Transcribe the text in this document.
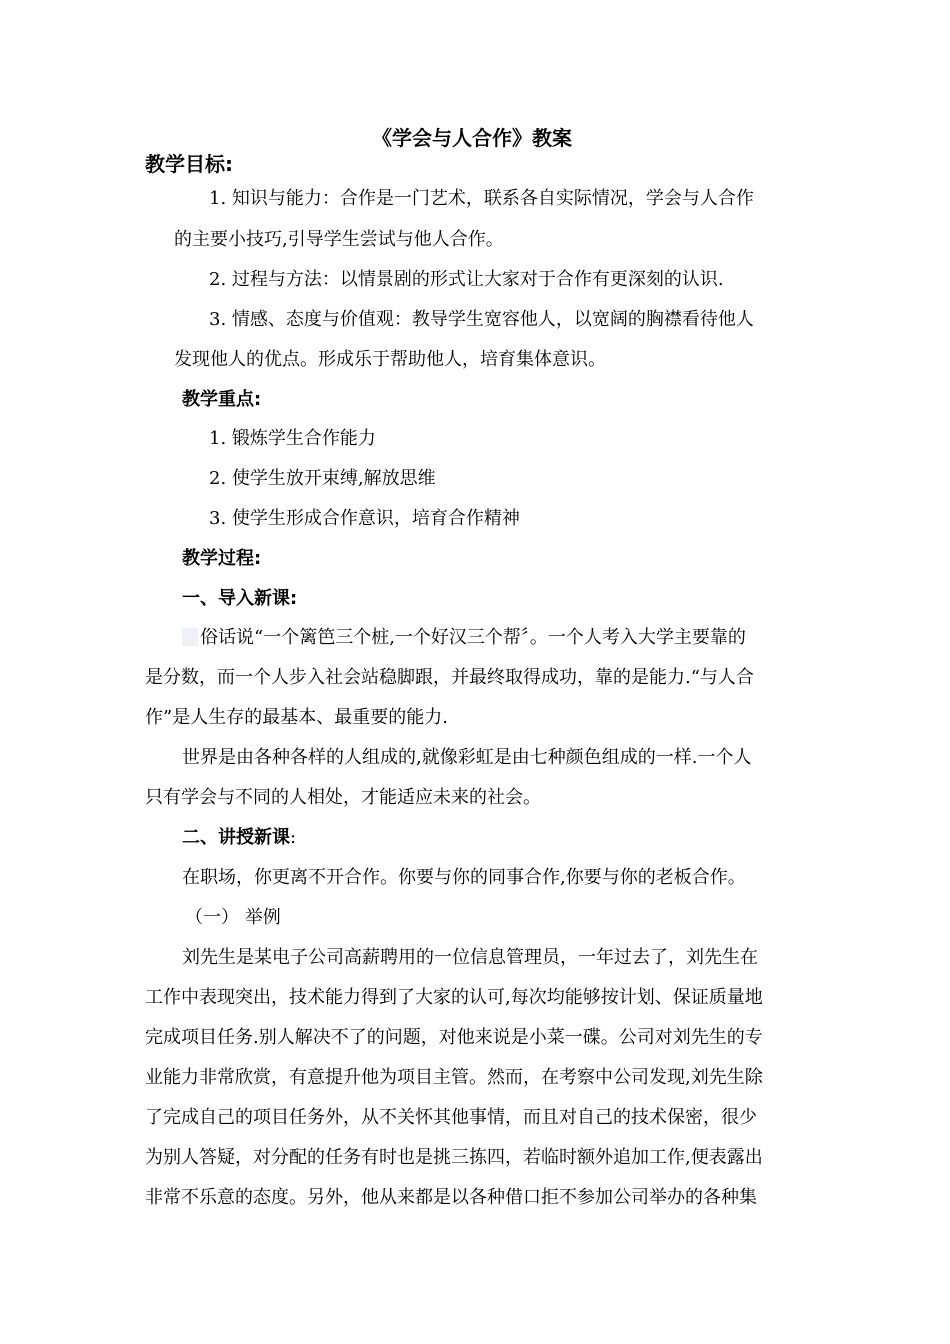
《学会与人合作》教案
教学目标:
1. 知识与能力：合作是一门艺术，联系各自实际情况，学会与人合作
的主要小技巧,引导学生尝试与他人合作。
2. 过程与方法：以情景剧的形式让大家对于合作有更深刻的认识.
3. 情感、态度与价值观：教导学生宽容他人，以宽阔的胸襟看待他人
发现他人的优点。形成乐于帮助他人，培育集体意识。
教学重点:
1. 锻炼学生合作能力
2. 使学生放开束缚,解放思维
3. 使学生形成合作意识，培育合作精神
教学过程:
一、导入新课:
俗话说“一个篱笆三个桩,一个好汉三个帮〞。一个人考入大学主要靠的
是分数，而一个人步入社会站稳脚跟，并最终取得成功，靠的是能力.“与人合
作”是人生存的最基本、最重要的能力.
世界是由各种各样的人组成的,就像彩虹是由七种颜色组成的一样.一个人
只有学会与不同的人相处，才能适应未来的社会。
二、讲授新课:
在职场，你更离不开合作。你要与你的同事合作,你要与你的老板合作。
（一） 举例
刘先生是某电子公司高薪聘用的一位信息管理员，一年过去了，刘先生在
工作中表现突出，技术能力得到了大家的认可,每次均能够按计划、保证质量地
完成项目任务.别人解决不了的问题，对他来说是小菜一碟。公司对刘先生的专
业能力非常欣赏，有意提升他为项目主管。然而，在考察中公司发现,刘先生除
了完成自己的项目任务外，从不关怀其他事情，而且对自己的技术保密，很少
为别人答疑，对分配的任务有时也是挑三拣四，若临时额外追加工作,便表露出
非常不乐意的态度。另外，他从来都是以各种借口拒不参加公司举办的各种集
